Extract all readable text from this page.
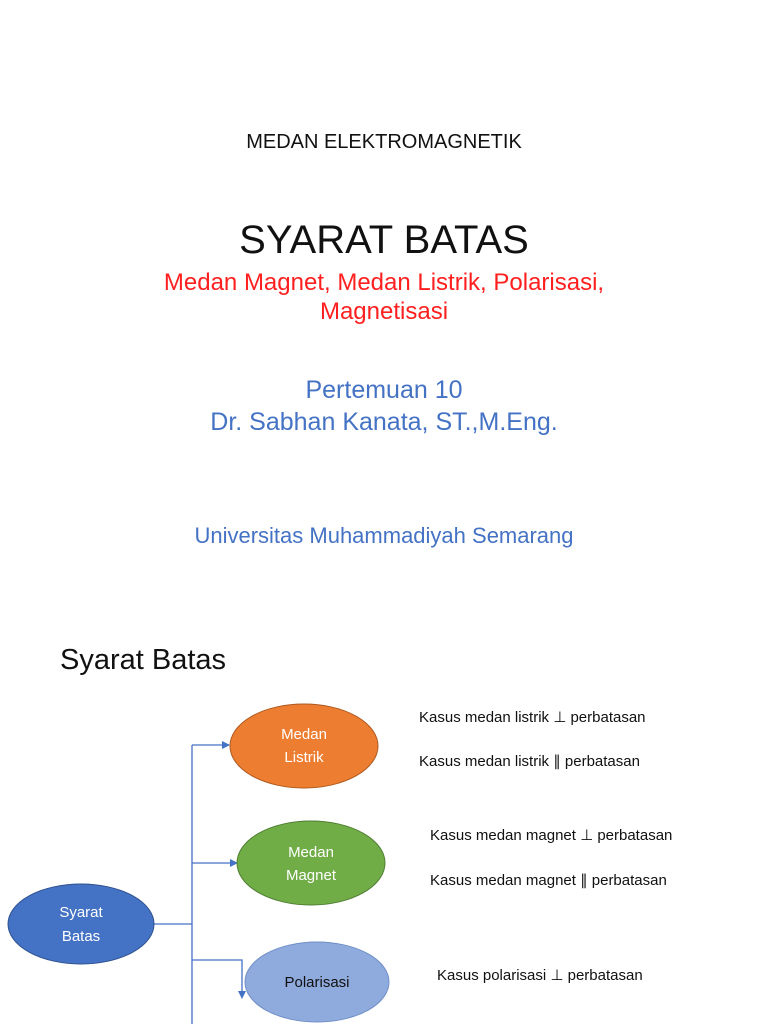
MEDAN ELEKTROMAGNETIK
SYARAT BATAS
Medan Magnet, Medan Listrik, Polarisasi,
Magnetisasi
Pertemuan 10
Dr. Sabhan Kanata, ST.,M.Eng.
Universitas Muhammadiyah Semarang
Syarat Batas
Syarat
Batas
Medan
Listrik
Medan
Magnet
Polarisasi
Kasus medan listrik ⊥ perbatasan
Kasus medan listrik ∥ perbatasan
Kasus medan magnet ⊥ perbatasan
Kasus medan magnet ∥ perbatasan
Kasus polarisasi ⊥ perbatasan
